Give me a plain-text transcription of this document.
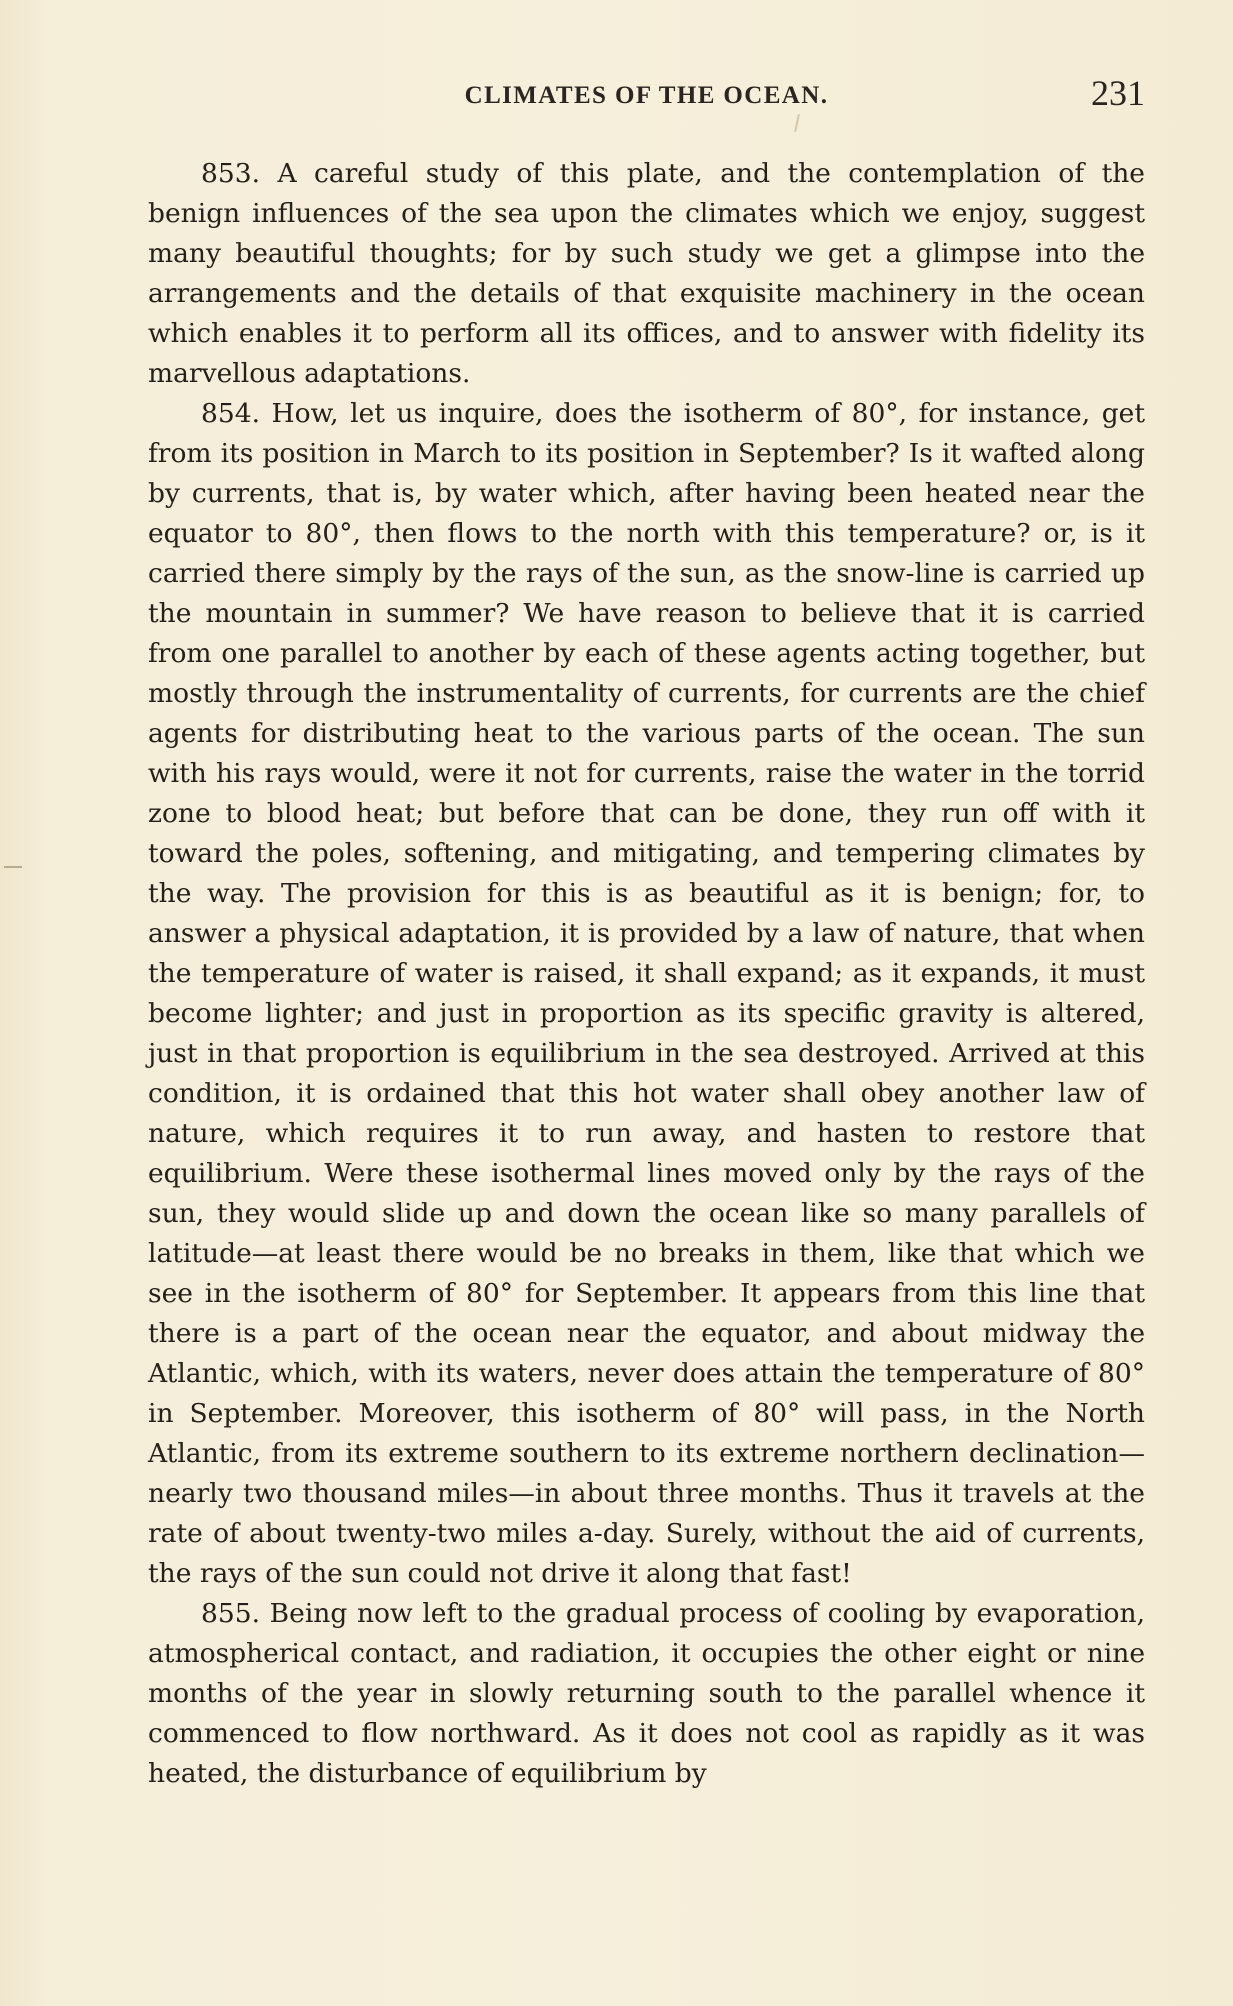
CLIMATES OF THE OCEAN.	231

853. A careful study of this plate, and the contemplation of the benign influences of the sea upon the climates which we enjoy, suggest many beautiful thoughts; for by such study we get a glimpse into the arrangements and the details of that exquisite machinery in the ocean which enables it to perform all its offices, and to answer with fidelity its marvellous adaptations.

854. How, let us inquire, does the isotherm of 80°, for instance, get from its position in March to its position in September? Is it wafted along by currents, that is, by water which, after having been heated near the equator to 80°, then flows to the north with this temperature? or, is it carried there simply by the rays of the sun, as the snow-line is carried up the mountain in summer? We have reason to believe that it is carried from one parallel to another by each of these agents acting together, but mostly through the instrumentality of currents, for currents are the chief agents for distributing heat to the various parts of the ocean. The sun with his rays would, were it not for currents, raise the water in the torrid zone to blood heat; but before that can be done, they run off with it toward the poles, softening, and mitigating, and tempering climates by the way. The provision for this is as beautiful as it is benign; for, to answer a physical adaptation, it is provided by a law of nature, that when the temperature of water is raised, it shall expand; as it expands, it must become lighter; and just in proportion as its specific gravity is altered, just in that proportion is equilibrium in the sea destroyed. Arrived at this condition, it is ordained that this hot water shall obey another law of nature, which requires it to run away, and hasten to restore that equilibrium. Were these isothermal lines moved only by the rays of the sun, they would slide up and down the ocean like so many parallels of latitude—at least there would be no breaks in them, like that which we see in the isotherm of 80° for September. It appears from this line that there is a part of the ocean near the equator, and about midway the Atlantic, which, with its waters, never does attain the temperature of 80° in September. Moreover, this isotherm of 80° will pass, in the North Atlantic, from its extreme southern to its extreme northern declination—nearly two thousand miles—in about three months. Thus it travels at the rate of about twenty-two miles a-day. Surely, without the aid of currents, the rays of the sun could not drive it along that fast!

855. Being now left to the gradual process of cooling by evaporation, atmospherical contact, and radiation, it occupies the other eight or nine months of the year in slowly returning south to the parallel whence it commenced to flow northward. As it does not cool as rapidly as it was heated, the disturbance of equilibrium by
